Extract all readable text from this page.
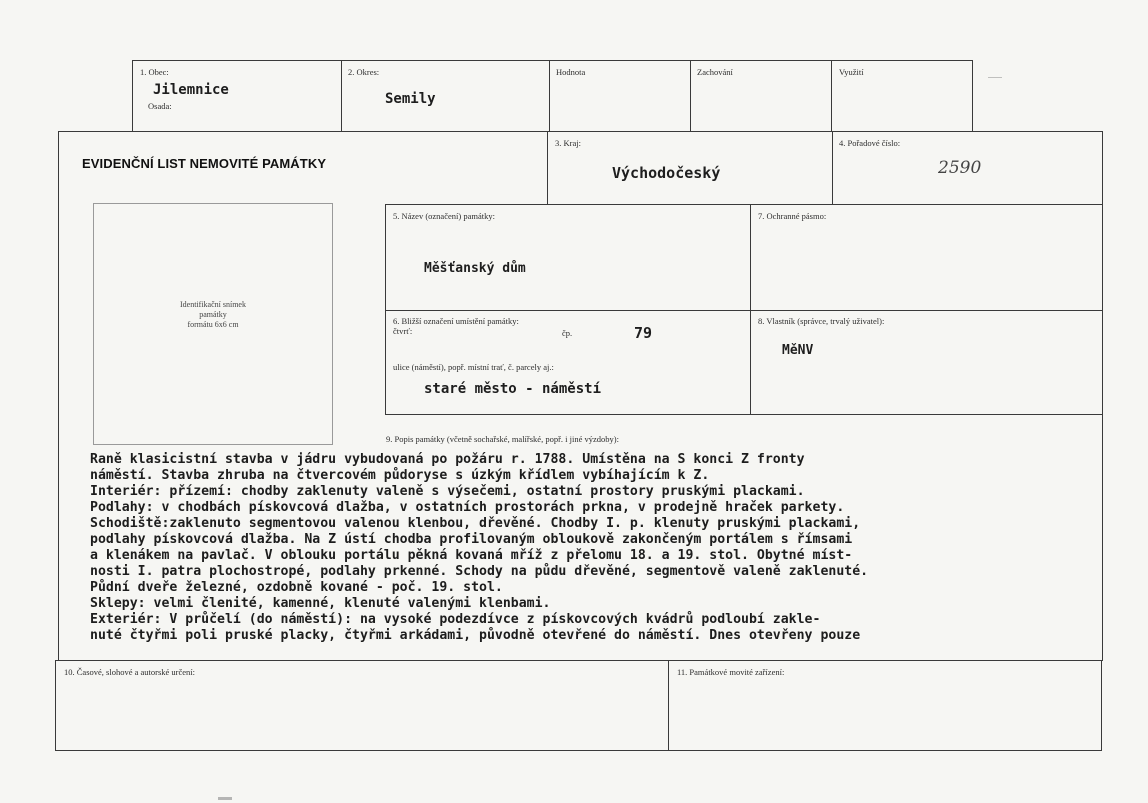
1. Obec:
Jilemnice
Osada:
2. Okres:
Semily
Hodnota	Zachování	Využití
EVIDENČNÍ LIST NEMOVITÉ PAMÁTKY
3. Kraj:
Východočeský
4. Pořadové číslo:
2590
Identifikační snímek
památky
formátu 6x6 cm
5. Název (označení) památky:
Měšťanský dům
7. Ochranné pásmo:
6. Bližší označení umístění památky:
čtvrť:	čp.	79
ulice (náměstí), popř. místní trať, č. parcely aj.:
staré město - náměstí
8. Vlastník (správce, trvalý uživatel):
MěNV
9. Popis památky (včetně sochařské, malířské, popř. i jiné výzdoby):
Raně klasicistní stavba v jádru vybudovaná po požáru r. 1788. Umístěna na S konci Z fronty
náměstí. Stavba zhruba na čtvercovém půdoryse s úzkým křídlem vybíhajícím k Z.
Interiér: přízemí: chodby zaklenuty valeně s výsečemi, ostatní prostory pruskými plackami.
Podlahy: v chodbách pískovcová dlažba, v ostatních prostorách prkna, v prodejně hraček parkety.
Schodiště:zaklenuto segmentovou valenou klenbou, dřevěné. Chodby I. p. klenuty pruskými plackami,
podlahy pískovcová dlažba. Na Z ústí chodba profilovaným obloukově zakončeným portálem s římsami
a klenákem na pavlač. V oblouku portálu pěkná kovaná mříž z přelomu 18. a 19. stol. Obytné míst-
nosti I. patra plochostropé, podlahy prkenné. Schody na půdu dřevěné, segmentově valeně zaklenuté.
Půdní dveře železné, ozdobně kované - poč. 19. stol.
Sklepy: velmi členité, kamenné, klenuté valenými klenbami.
Exteriér: V průčelí (do náměstí): na vysoké podezdívce z pískovcových kvádrů podloubí zakle-
nuté čtyřmi poli pruské placky, čtyřmi arkádami, původně otevřené do náměstí. Dnes otevřeny pouze
10. Časové, slohové a autorské určení:	11. Památkové movité zařízení:
